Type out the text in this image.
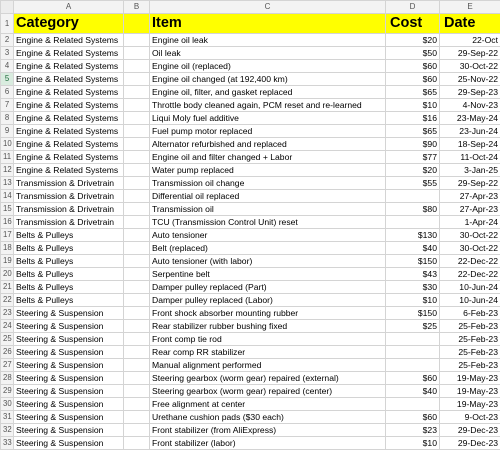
	A	B	C	D	E
1	Category		Item	Cost	Date
2	Engine & Related Systems		Engine oil leak	$20	22-Oct
3	Engine & Related Systems		Oil leak	$50	29-Sep-22
4	Engine & Related Systems		Engine oil (replaced)	$60	30-Oct-22
5	Engine & Related Systems		Engine oil changed (at 192,400 km)	$60	25-Nov-22
6	Engine & Related Systems		Engine oil, filter, and gasket replaced	$65	29-Sep-23
7	Engine & Related Systems		Throttle body cleaned again, PCM reset and re-learned	$10	4-Nov-23
8	Engine & Related Systems		Liqui Moly fuel additive	$16	23-May-24
9	Engine & Related Systems		Fuel pump motor replaced	$65	23-Jun-24
10	Engine & Related Systems		Alternator refurbished and replaced	$90	18-Sep-24
11	Engine & Related Systems		Engine oil and filter changed + Labor	$77	11-Oct-24
12	Engine & Related Systems		Water pump replaced	$20	3-Jan-25
13	Transmission & Drivetrain		Transmission oil change	$55	29-Sep-22
14	Transmission & Drivetrain		Differential oil replaced		27-Apr-23
15	Transmission & Drivetrain		Transmission oil	$80	27-Apr-23
16	Transmission & Drivetrain		TCU (Transmission Control Unit) reset		1-Apr-24
17	Belts & Pulleys		Auto tensioner	$130	30-Oct-22
18	Belts & Pulleys		Belt (replaced)	$40	30-Oct-22
19	Belts & Pulleys		Auto tensioner (with labor)	$150	22-Dec-22
20	Belts & Pulleys		Serpentine belt	$43	22-Dec-22
21	Belts & Pulleys		Damper pulley replaced (Part)	$30	10-Jun-24
22	Belts & Pulleys		Damper pulley replaced (Labor)	$10	10-Jun-24
23	Steering & Suspension		Front shock absorber mounting rubber	$150	6-Feb-23
24	Steering & Suspension		Rear stabilizer rubber bushing fixed	$25	25-Feb-23
25	Steering & Suspension		Front comp tie rod		25-Feb-23
26	Steering & Suspension		Rear comp RR stabilizer		25-Feb-23
27	Steering & Suspension		Manual alignment performed		25-Feb-23
28	Steering & Suspension		Steering gearbox (worm gear) repaired (external)	$60	19-May-23
29	Steering & Suspension		Steering gearbox (worm gear) repaired (center)	$40	19-May-23
30	Steering & Suspension		Free alignment at center		19-May-23
31	Steering & Suspension		Urethane cushion pads ($30 each)	$60	9-Oct-23
32	Steering & Suspension		Front stabilizer (from AliExpress)	$23	29-Dec-23
33	Steering & Suspension		Front stabilizer (labor)	$10	29-Dec-23
